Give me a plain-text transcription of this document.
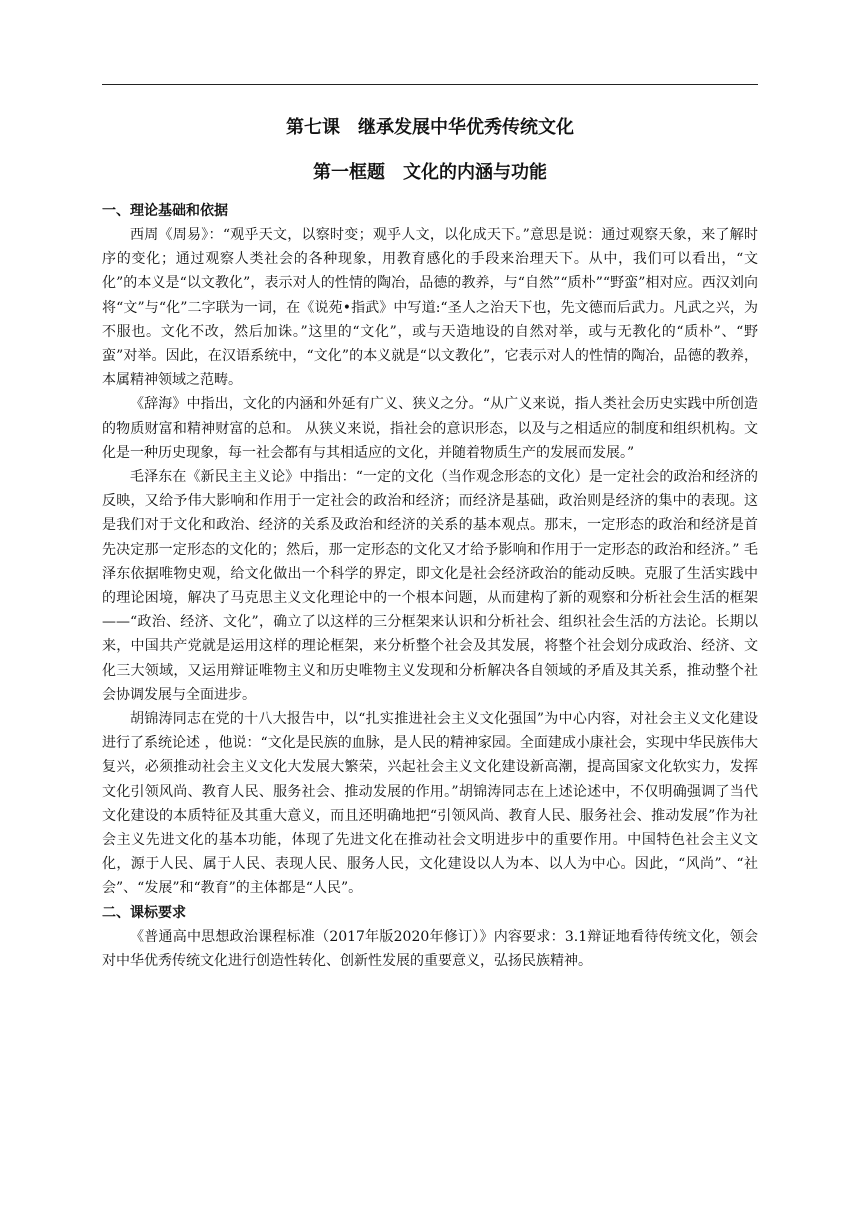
第七课　继承发展中华优秀传统文化
第一框题　文化的内涵与功能
一、理论基础和依据

西周《周易》：“观乎天文，以察时变；观乎人文，以化成天下。”意思是说：通过观察天象，来了解时序的变化；通过观察人类社会的各种现象，用教育感化的手段来治理天下。从中，我们可以看出，“文化”的本义是“以文教化”，表示对人的性情的陶冶，品德的教养，与“自然”“质朴”“野蛮”相对应。西汉刘向将“文”与“化”二字联为一词，在《说苑•指武》中写道:“圣人之治天下也，先文德而后武力。凡武之兴，为不服也。文化不改，然后加诛。”这里的“文化”，或与天造地设的自然对举，或与无教化的“质朴”、“野蛮”对举。因此，在汉语系统中，“文化”的本义就是“以文教化”，它表示对人的性情的陶冶，品德的教养，本属精神领域之范畴。

《辞海》中指出，文化的内涵和外延有广义、狭义之分。“从广义来说，指人类社会历史实践中所创造的物质财富和精神财富的总和。 从狭义来说，指社会的意识形态，以及与之相适应的制度和组织机构。文化是一种历史现象，每一社会都有与其相适应的文化，并随着物质生产的发展而发展。”

毛泽东在《新民主主义论》中指出：“一定的文化（当作观念形态的文化）是一定社会的政治和经济的反映，又给予伟大影响和作用于一定社会的政治和经济；而经济是基础，政治则是经济的集中的表现。这是我们对于文化和政治、经济的关系及政治和经济的关系的基本观点。那末，一定形态的政治和经济是首先决定那一定形态的文化的；然后，那一定形态的文化又才给予影响和作用于一定形态的政治和经济。” 毛泽东依据唯物史观，给文化做出一个科学的界定，即文化是社会经济政治的能动反映。克服了生活实践中的理论困境，解决了马克思主义文化理论中的一个根本问题，从而建构了新的观察和分析社会生活的框架——“政治、经济、文化”，确立了以这样的三分框架来认识和分析社会、组织社会生活的方法论。长期以来，中国共产党就是运用这样的理论框架，来分析整个社会及其发展，将整个社会划分成政治、经济、文化三大领域，又运用辩证唯物主义和历史唯物主义发现和分析解决各自领域的矛盾及其关系，推动整个社会协调发展与全面进步。

胡锦涛同志在党的十八大报告中，以“扎实推进社会主义文化强国”为中心内容，对社会主义文化建设进行了系统论述 ，他说：“文化是民族的血脉，是人民的精神家园。全面建成小康社会，实现中华民族伟大复兴，必须推动社会主义文化大发展大繁荣，兴起社会主义文化建设新高潮，提高国家文化软实力，发挥文化引领风尚、教育人民、服务社会、推动发展的作用。”胡锦涛同志在上述论述中，不仅明确强调了当代文化建设的本质特征及其重大意义，而且还明确地把“引领风尚、教育人民、服务社会、推动发展”作为社会主义先进文化的基本功能，体现了先进文化在推动社会文明进步中的重要作用。中国特色社会主义文化，源于人民、属于人民、表现人民、服务人民，文化建设以人为本、以人为中心。因此，“风尚”、“社会”、“发展”和“教育”的主体都是“人民”。

二、课标要求

《普通高中思想政治课程标准（2017年版2020年修订）》内容要求：3.1辩证地看待传统文化，领会对中华优秀传统文化进行创造性转化、创新性发展的重要意义，弘扬民族精神。
